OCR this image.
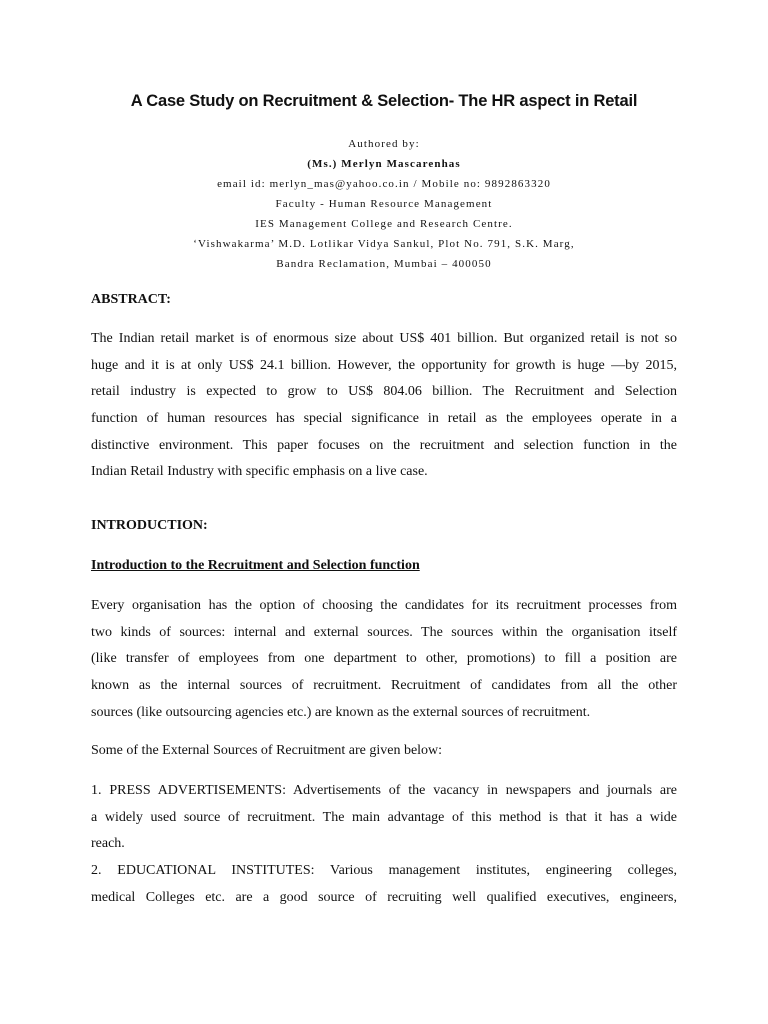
A Case Study on Recruitment & Selection- The HR aspect in Retail
Authored by:
(Ms.) Merlyn Mascarenhas
email id: merlyn_mas@yahoo.co.in / Mobile no: 9892863320
Faculty - Human Resource Management
IES Management College and Research Centre.
‘Vishwakarma’ M.D. Lotlikar Vidya Sankul, Plot No. 791, S.K. Marg,
Bandra Reclamation, Mumbai – 400050
ABSTRACT:
The Indian retail market is of enormous size about US$ 401 billion. But organized retail is not so
huge and it is at only US$ 24.1 billion. However, the opportunity for growth is huge —by 2015,
retail industry is expected to grow to US$ 804.06 billion. The Recruitment and Selection
function of human resources has special significance in retail as the employees operate in a
distinctive environment. This paper focuses on the recruitment and selection function in the
Indian Retail Industry with specific emphasis on a live case.
INTRODUCTION:
Introduction to the Recruitment and Selection function
Every organisation has the option of choosing the candidates for its recruitment processes from
two kinds of sources: internal and external sources. The sources within the organisation itself
(like transfer of employees from one department to other, promotions) to fill a position are
known as the internal sources of recruitment. Recruitment of candidates from all the other
sources (like outsourcing agencies etc.) are known as the external sources of recruitment.
Some of the External Sources of Recruitment are given below:
1. PRESS ADVERTISEMENTS: Advertisements of the vacancy in newspapers and journals are
a widely used source of recruitment. The main advantage of this method is that it has a wide
reach.
2. EDUCATIONAL INSTITUTES: Various management institutes, engineering colleges,
medical Colleges etc. are a good source of recruiting well qualified executives, engineers,
